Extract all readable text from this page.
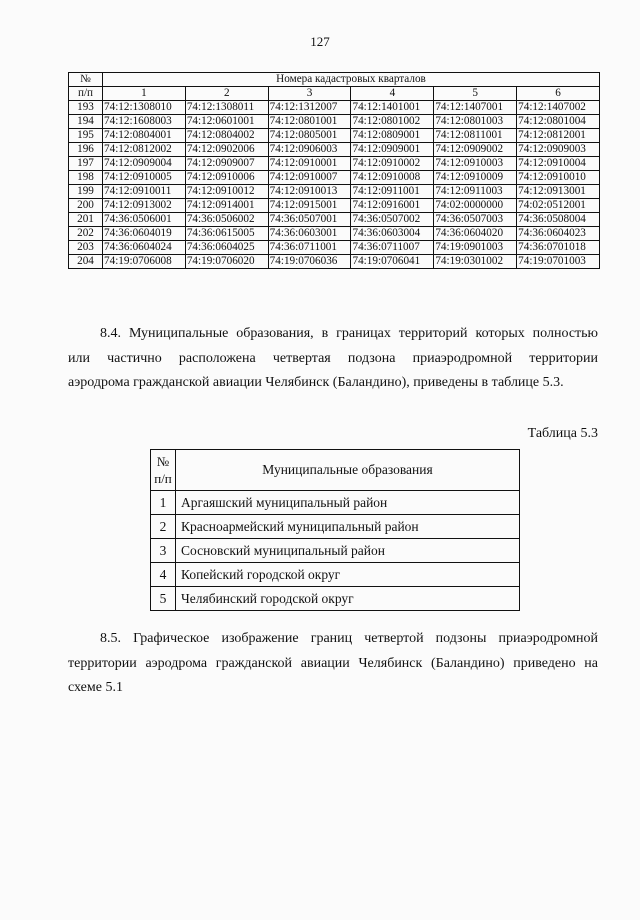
127
№	Номера кадастровых кварталов					
п/п	1	2	3	4	5	6
193	74:12:1308010	74:12:1308011	74:12:1312007	74:12:1401001	74:12:1407001	74:12:1407002
194	74:12:1608003	74:12:0601001	74:12:0801001	74:12:0801002	74:12:0801003	74:12:0801004
195	74:12:0804001	74:12:0804002	74:12:0805001	74:12:0809001	74:12:0811001	74:12:0812001
196	74:12:0812002	74:12:0902006	74:12:0906003	74:12:0909001	74:12:0909002	74:12:0909003
197	74:12:0909004	74:12:0909007	74:12:0910001	74:12:0910002	74:12:0910003	74:12:0910004
198	74:12:0910005	74:12:0910006	74:12:0910007	74:12:0910008	74:12:0910009	74:12:0910010
199	74:12:0910011	74:12:0910012	74:12:0910013	74:12:0911001	74:12:0911003	74:12:0913001
200	74:12:0913002	74:12:0914001	74:12:0915001	74:12:0916001	74:02:0000000	74:02:0512001
201	74:36:0506001	74:36:0506002	74:36:0507001	74:36:0507002	74:36:0507003	74:36:0508004
202	74:36:0604019	74:36:0615005	74:36:0603001	74:36:0603004	74:36:0604020	74:36:0604023
203	74:36:0604024	74:36:0604025	74:36:0711001	74:36:0711007	74:19:0901003	74:36:0701018
204	74:19:0706008	74:19:0706020	74:19:0706036	74:19:0706041	74:19:0301002	74:19:0701003
8.4. Муниципальные образования, в границах территорий которых полностью
или частично расположена четвертая подзона приаэродромной территории
аэродрома гражданской авиации Челябинск (Баландино), приведены в таблице 5.3.
Таблица 5.3
№
п/п	Муниципальные образования
1	Аргаяшский муниципальный район
2	Красноармейский муниципальный район
3	Сосновский муниципальный район
4	Копейский городской округ
5	Челябинский городской округ
8.5. Графическое изображение границ четвертой подзоны приаэродромной
территории аэродрома гражданской авиации Челябинск (Баландино) приведено на
схеме 5.1
